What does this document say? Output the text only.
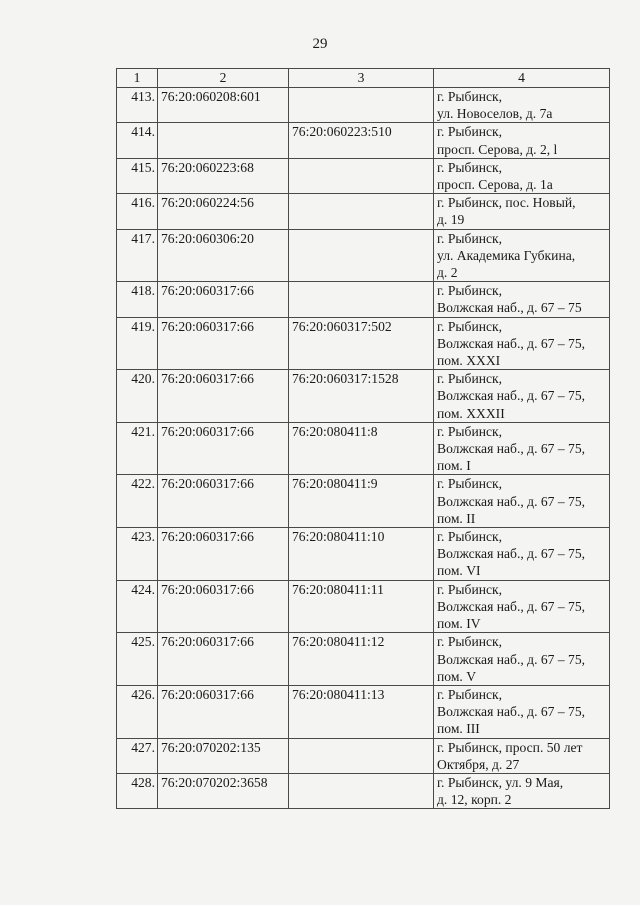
29
1	2	3	4
413.	76:20:060208:601		г. Рыбинск,
ул. Новоселов, д. 7а

414.		76:20:060223:510	г. Рыбинск,
просп. Серова, д. 2, l

415.	76:20:060223:68		г. Рыбинск,
просп. Серова, д. 1а

416.	76:20:060224:56		г. Рыбинск, пос. Новый,
д. 19

417.	76:20:060306:20		г. Рыбинск,
ул. Академика Губкина,
д. 2

418.	76:20:060317:66		г. Рыбинск,
Волжская наб., д. 67 – 75

419.	76:20:060317:66	76:20:060317:502	г. Рыбинск,
Волжская наб., д. 67 – 75,
пом. XXXI

420.	76:20:060317:66	76:20:060317:1528	г. Рыбинск,
Волжская наб., д. 67 – 75,
пом. XXXII

421.	76:20:060317:66	76:20:080411:8	г. Рыбинск,
Волжская наб., д. 67 – 75,
пом. I

422.	76:20:060317:66	76:20:080411:9	г. Рыбинск,
Волжская наб., д. 67 – 75,
пом. II

423.	76:20:060317:66	76:20:080411:10	г. Рыбинск,
Волжская наб., д. 67 – 75,
пом. VI

424.	76:20:060317:66	76:20:080411:11	г. Рыбинск,
Волжская наб., д. 67 – 75,
пом. IV

425.	76:20:060317:66	76:20:080411:12	г. Рыбинск,
Волжская наб., д. 67 – 75,
пом. V

426.	76:20:060317:66	76:20:080411:13	г. Рыбинск,
Волжская наб., д. 67 – 75,
пом. III

427.	76:20:070202:135		г. Рыбинск, просп. 50 лет
Октября, д. 27

428.	76:20:070202:3658		г. Рыбинск, ул. 9 Мая,
д. 12, корп. 2
